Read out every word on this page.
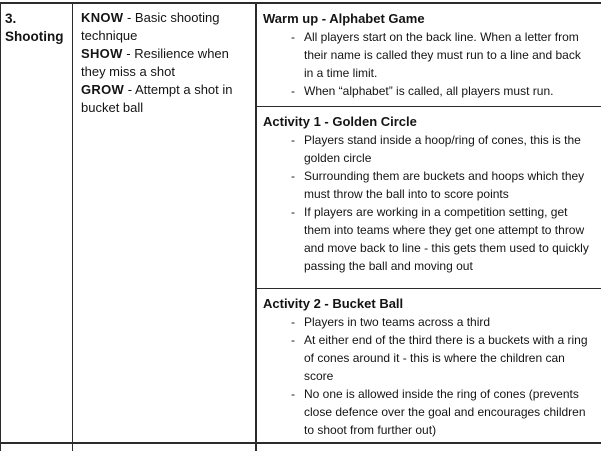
3.
Shooting
KNOW - Basic shooting technique
SHOW - Resilience when they miss a shot
GROW - Attempt a shot in bucket ball
Warm up - Alphabet Game
- All players start on the back line. When a letter from their name is called they must run to a line and back in a time limit.
- When “alphabet” is called, all players must run.
Activity 1 - Golden Circle
- Players stand inside a hoop/ring of cones, this is the golden circle
- Surrounding them are buckets and hoops which they must throw the ball into to score points
- If players are working in a competition setting, get them into teams where they get one attempt to throw and move back to line - this gets them used to quickly passing the ball and moving out
Activity 2 - Bucket Ball
- Players in two teams across a third
- At either end of the third there is a buckets with a ring of cones around it - this is where the children can score
- No one is allowed inside the ring of cones (prevents close defence over the goal and encourages children to shoot from further out)
